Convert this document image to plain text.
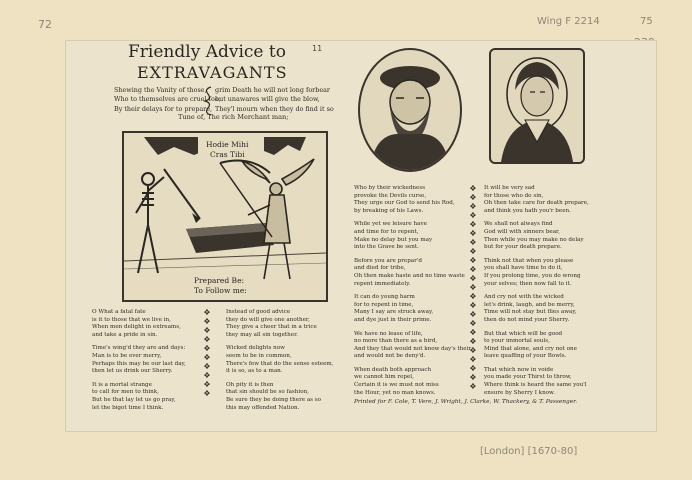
72	Wing F 2214	75
[London] [1670-80]
11
Friendly Advice to
EXTRAVAGANTS
Shewing the Vanity of those,
Who to themselves are cruel foe;
By their delays for to prepare,
grim Death he will not long forbear
but unawares will give the blow,
They'l mourn when they do find it so
Tune of, The rich Merchant man;
Hodie Mihi
Cras Tibi
Prepared Be:
To Follow me:
O What a fatal fate
is it to those that we live in,
When men delight in extreams,
and take a pride in sin.
Time's wing'd they are and days:
Man is to be ever merry,
Perhaps this may be our last day,
then let us drink our Sherry.
It is a mortal strange
to call for men to think,
But he that lay let us go pray,
let the bigot time I think.
❖
❖
❖
❖
❖
❖
❖
❖
❖
❖
Instead of good advice
they do will give one another,
They give a cheer that in a trice
they may all sin together.
Wicked delights now
seem to be in common,
There's few that do the sense esteem,
it is so, as to a man.
Oh pity it is then
that sin should be so fashion,
Be sure they be doing there as so
this may offended Nation.
Who by their wickedness
provoke the Devils curse,
They urge our God to send his Rod,
by breaking of his Laws.
While yet we leisure have
and time for to repent,
Make no delay but you may
into the Grave be sent.
Before you are prepar'd
and died for tribe,
Oh then make haste and no time waste
repent immediately.
It can do young harm
for to repent in time,
Many I say are struck away,
and dye just in their prime.
We have no lease of life,
no more than there as a bird,
And they that would not know day's their
and would not be deny'd.
When death both approach
we cannot him repel,
Certain it is we must not miss
the Hour, yet no man knows.
❖
❖
❖
❖
❖
❖
❖
❖
❖
❖
❖
❖
❖
❖
❖
❖
❖
❖
❖
❖
❖
❖
❖
It will be very sad
for those who do sin,
Oh then take care for death prepare,
and think you hath you'r been.
We shall not always find
God will with sinners bear,
Then while you may make no delay
but for your death prepare.
Think not that when you please
you shall have time to do it,
If you prolong time, you do wrong
your selves; then now fall to it.
And cry not with the wicked
let's drink, laugh, and be merry,
Time will not stay but flies away,
then do not mind your Sherry.
But that which will be good
to your immortal souls,
Mind that alone, and cry not one
leave quaffing of your Bowls.
That which now in voide
you made your Thirst to throw,
Where think is heard the same you'l
ensure by Sherry I know.
Printed for F. Cole, T. Vere, J. Wright, J. Clarke, W. Thackery, & T. Passenger.
